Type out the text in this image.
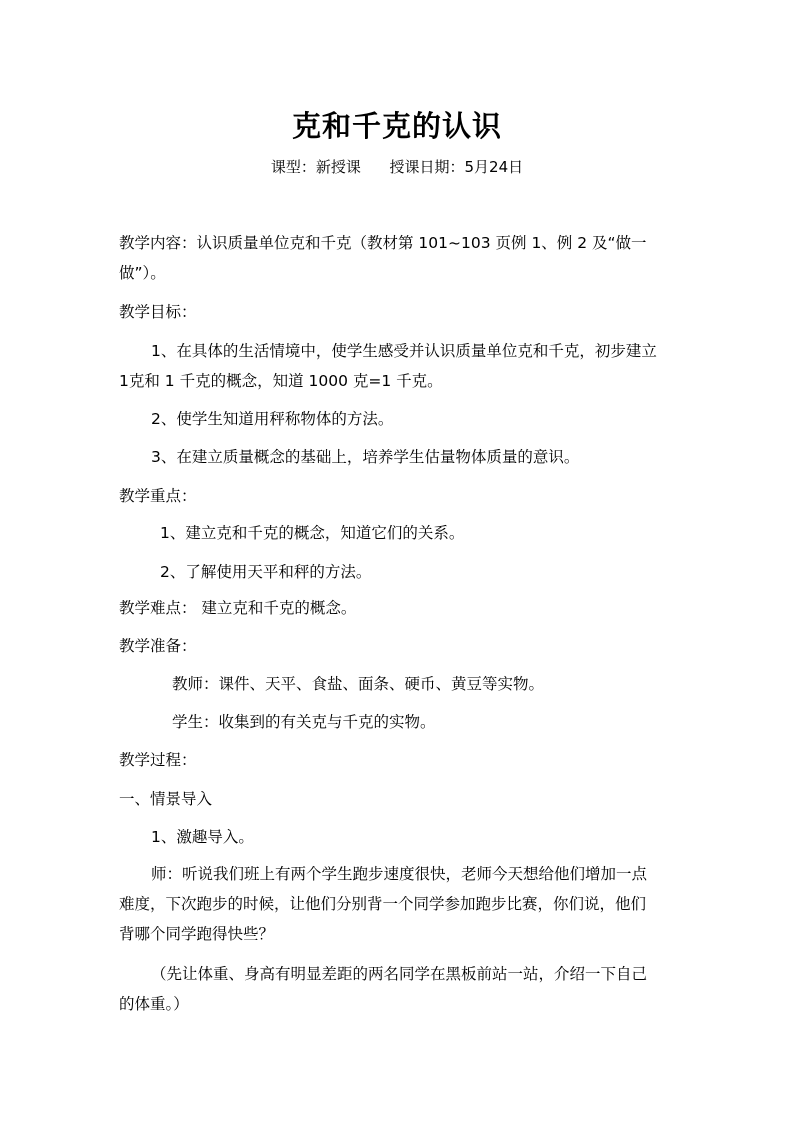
克和千克的认识
课型：新授课      授课日期：5月24日
教学内容：认识质量单位克和千克（教材第 101~103 页例 1、例 2 及“做一
做”）。
教学目标：
1、在具体的生活情境中，使学生感受并认识质量单位克和千克，初步建立
1克和 1 千克的概念，知道 1000 克=1 千克。
2、使学生知道用秤称物体的方法。
3、在建立质量概念的基础上，培养学生估量物体质量的意识。
教学重点：
1、建立克和千克的概念，知道它们的关系。
2、了解使用天平和秤的方法。
教学难点： 建立克和千克的概念。
教学准备：
教师：课件、天平、食盐、面条、硬币、黄豆等实物。
学生：收集到的有关克与千克的实物。
教学过程：
一、情景导入
1、激趣导入。
师：听说我们班上有两个学生跑步速度很快，老师今天想给他们增加一点
难度，下次跑步的时候，让他们分别背一个同学参加跑步比赛，你们说，他们
背哪个同学跑得快些？
（先让体重、身高有明显差距的两名同学在黑板前站一站，介绍一下自己
的体重。）
